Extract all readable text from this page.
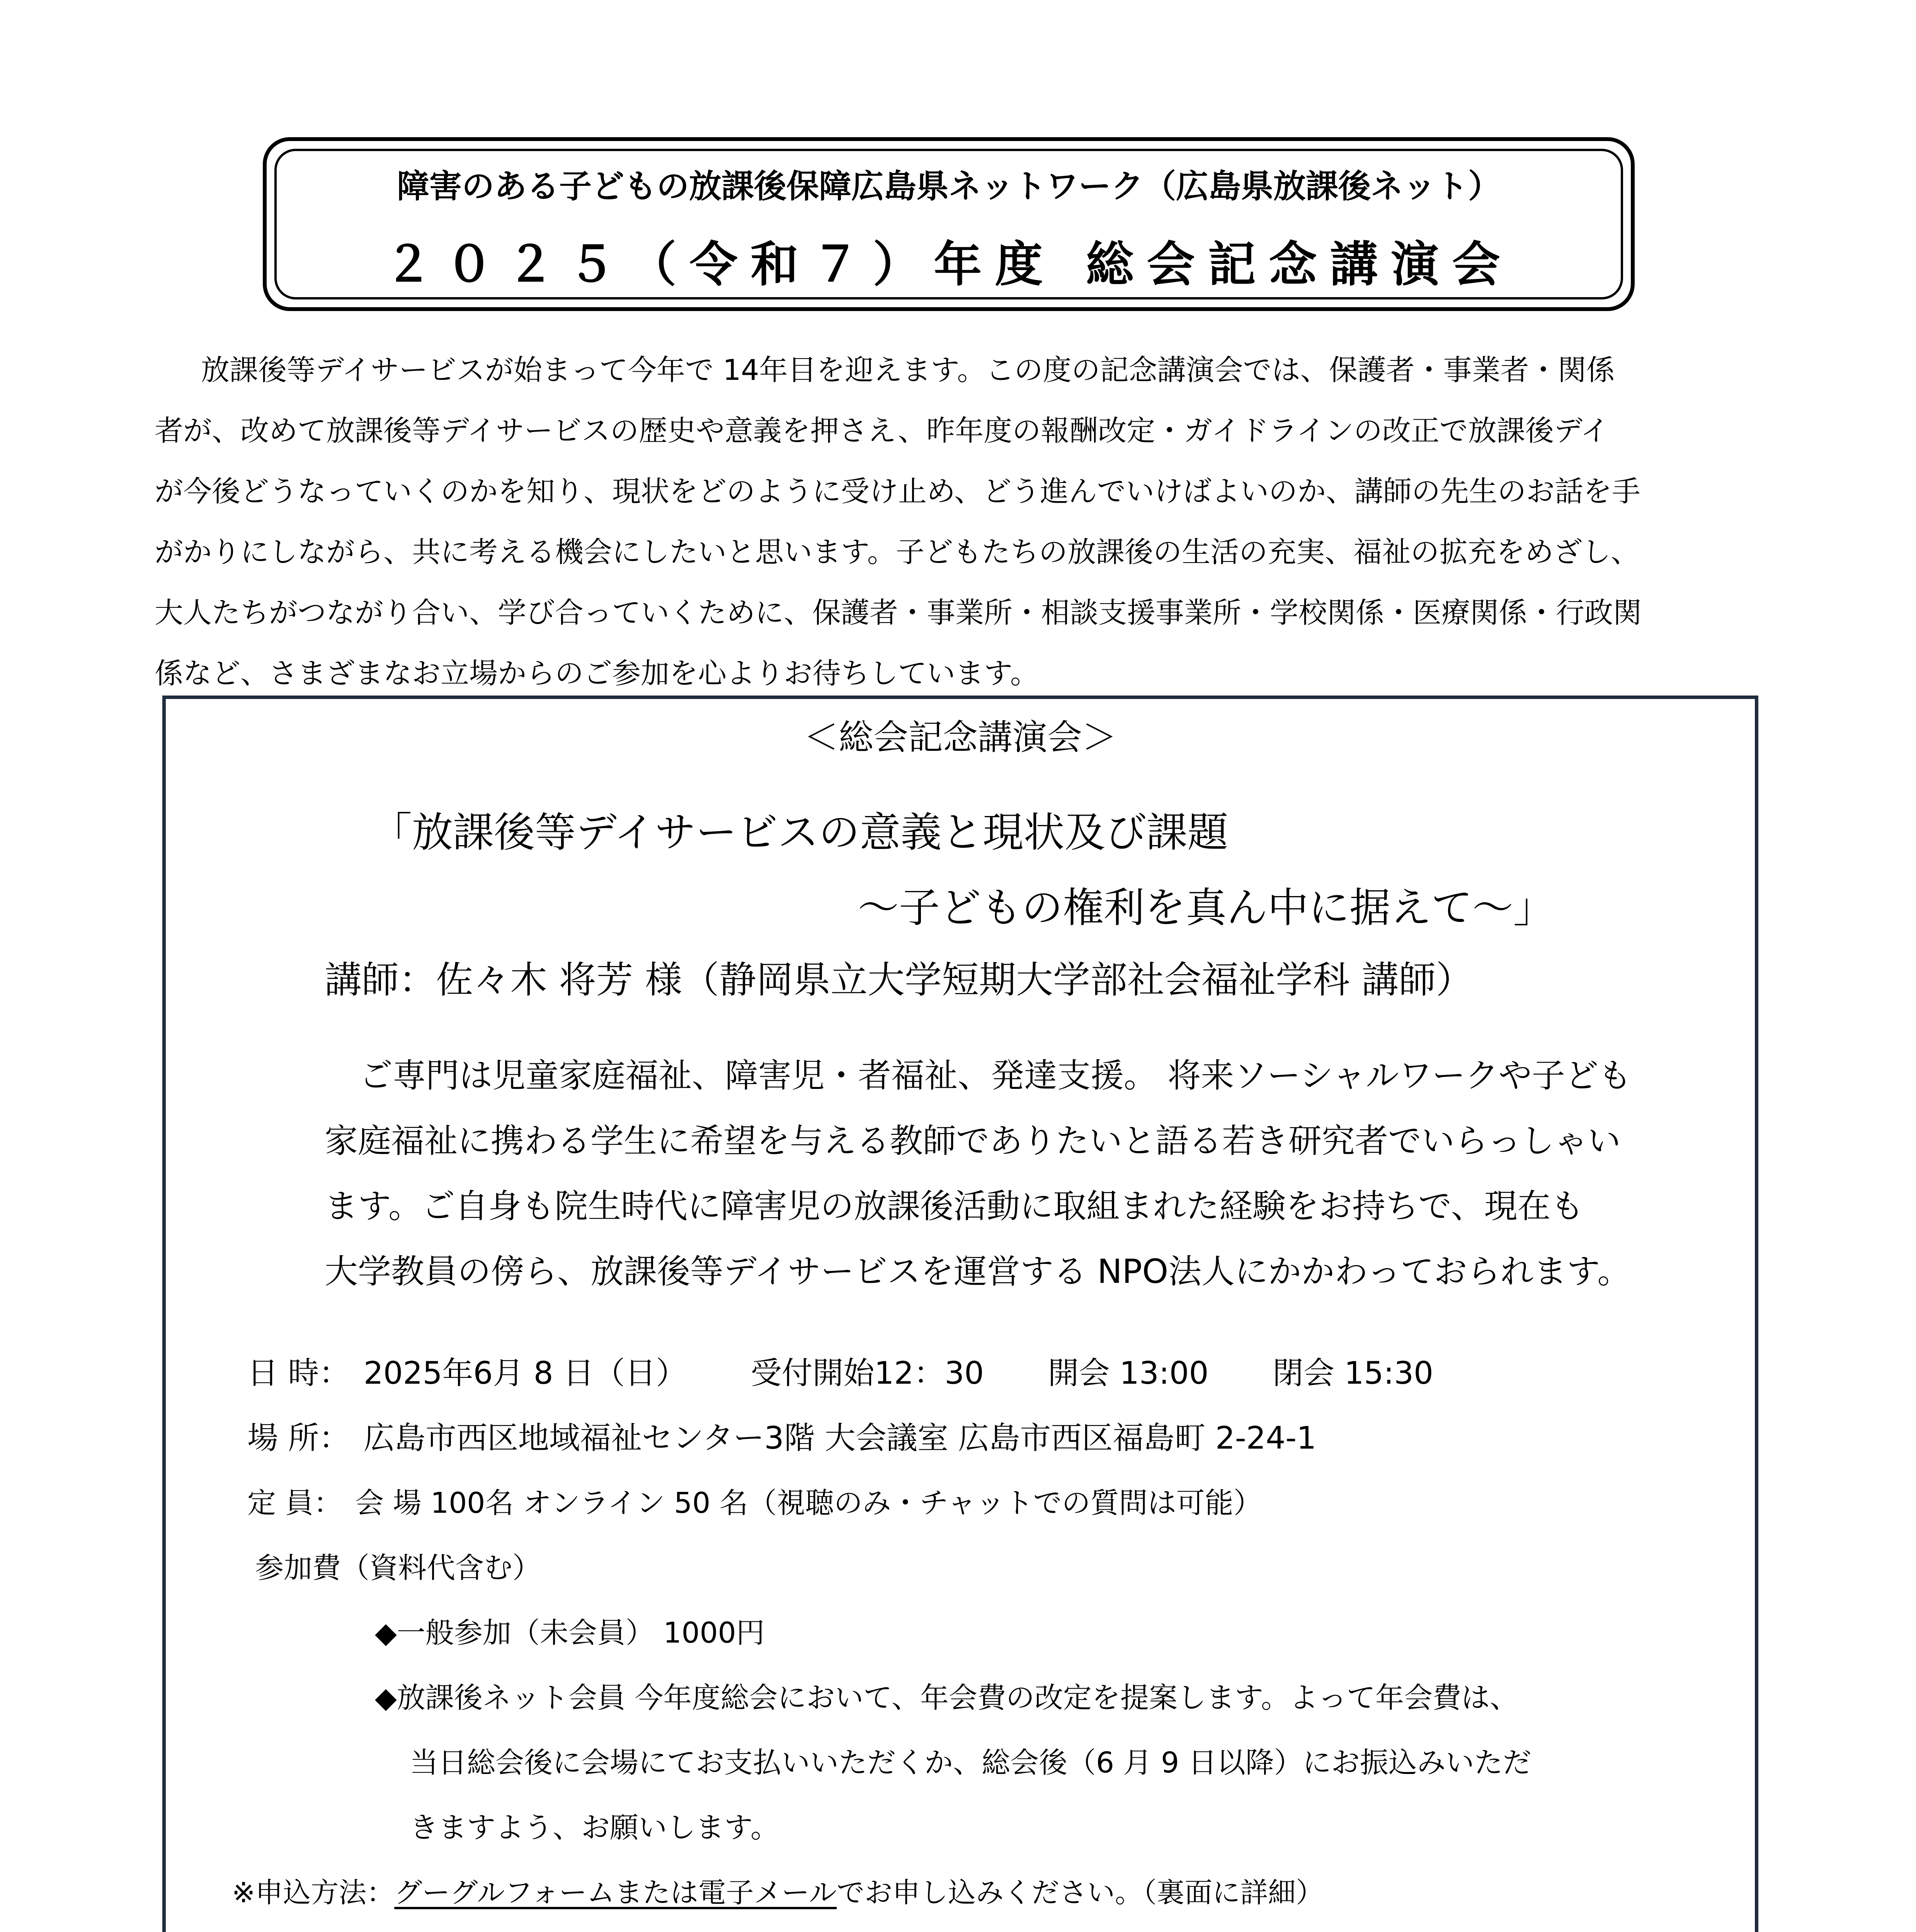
障害のある子どもの放課後保障広島県ネットワーク（広島県放課後ネット）
２０２５（令和７）年度 総会記念講演会

放課後等デイサービスが始まって今年で 14年目を迎えます。この度の記念講演会では、保護者・事業者・関係

者が、改めて放課後等デイサービスの歴史や意義を押さえ、昨年度の報酬改定・ガイドラインの改正で放課後デイ

が今後どうなっていくのかを知り、現状をどのように受け止め、どう進んでいけばよいのか、講師の先生のお話を手

がかりにしながら、共に考える機会にしたいと思います。子どもたちの放課後の生活の充実、福祉の拡充をめざし、

大人たちがつながり合い、学び合っていくために、保護者・事業所・相談支援事業所・学校関係・医療関係・行政関

係など、さまざまなお立場からのご参加を心よりお待ちしています。

＜総会記念講演会＞
「放課後等デイサービスの意義と現状及び課題
～子どもの権利を真ん中に据えて～」
講師：佐々木 将芳 様（静岡県立大学短期大学部社会福祉学科 講師）

ご専門は児童家庭福祉、障害児・者福祉、発達支援。 将来ソーシャルワークや子ども

家庭福祉に携わる学生に希望を与える教師でありたいと語る若き研究者でいらっしゃい

ます。ご自身も院生時代に障害児の放課後活動に取組まれた経験をお持ちで、現在も

大学教員の傍ら、放課後等デイサービスを運営する NPO法人にかかわっておられます。

日 時： 2025年6月 8 日（日） 受付開始12：30 開会 13:00 閉会 15:30
場 所： 広島市西区地域福祉センター3階 大会議室 広島市西区福島町 2-24-1
定 員： 会 場 100名 オンライン 50 名（視聴のみ・チャットでの質問は可能）
参加費（資料代含む）
◆一般参加（未会員） 1000円
◆放課後ネット会員 今年度総会において、年会費の改定を提案します。よって年会費は、
当日総会後に会場にてお支払いいただくか、総会後（6 月 9 日以降）にお振込みいただ
きますよう、お願いします。
※申込方法：グーグルフォームまたは電子メールでお申し込みください。（裏面に詳細）
